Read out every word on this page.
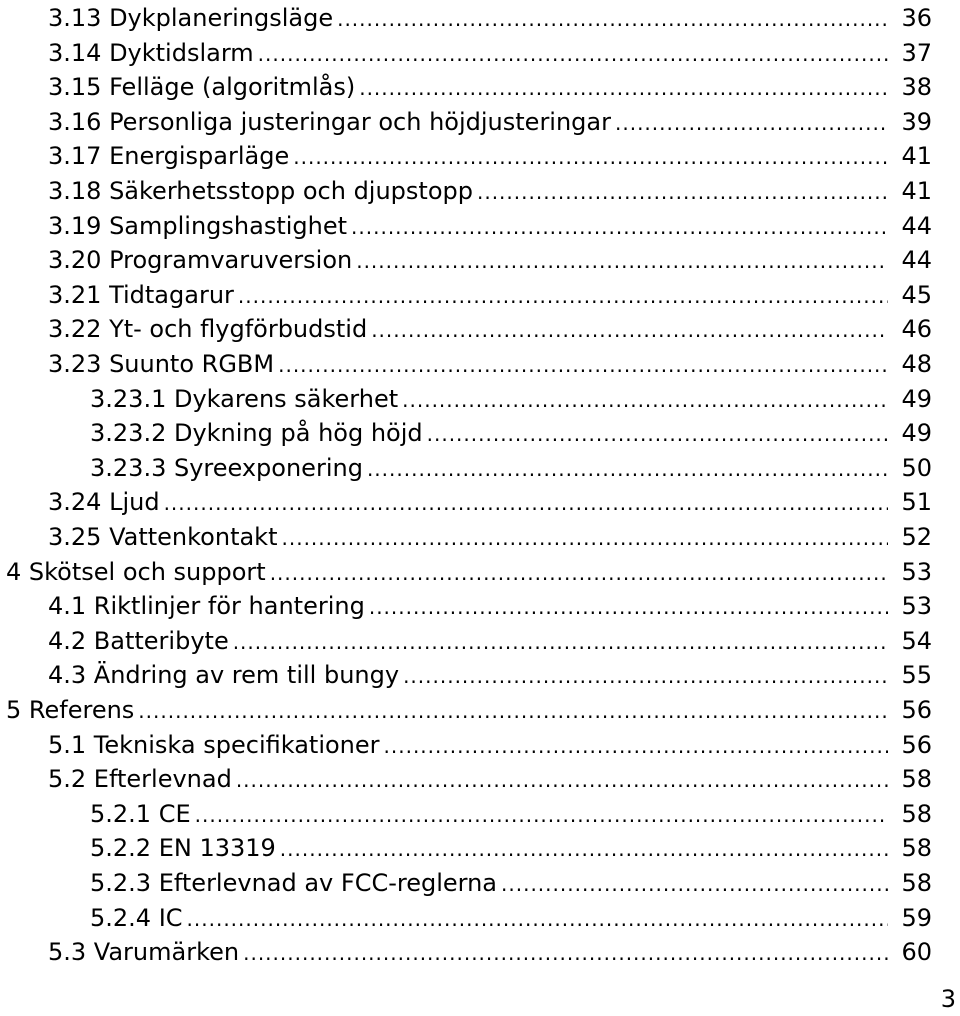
3.13 Dykplaneringsläge .....	36
3.14 Dyktidslarm .....	37
3.15 Felläge (algoritmlås) .....	38
3.16 Personliga justeringar och höjdjusteringar .....	39
3.17 Energisparläge .....	41
3.18 Säkerhetsstopp och djupstopp .....	41
3.19 Samplingshastighet .....	44
3.20 Programvaruversion .....	44
3.21 Tidtagarur .....	45
3.22 Yt- och flygförbudstid .....	46
3.23 Suunto RGBM .....	48
3.23.1 Dykarens säkerhet .....	49
3.23.2 Dykning på hög höjd .....	49
3.23.3 Syreexponering .....	50
3.24 Ljud .....	51
3.25 Vattenkontakt .....	52
4 Skötsel och support .....	53
4.1 Riktlinjer för hantering .....	53
4.2 Batteribyte .....	54
4.3 Ändring av rem till bungy .....	55
5 Referens .....	56
5.1 Tekniska specifikationer .....	56
5.2 Efterlevnad .....	58
5.2.1 CE .....	58
5.2.2 EN 13319 .....	58
5.2.3 Efterlevnad av FCC-reglerna .....	58
5.2.4 IC .....	59
5.3 Varumärken .....	60
3
